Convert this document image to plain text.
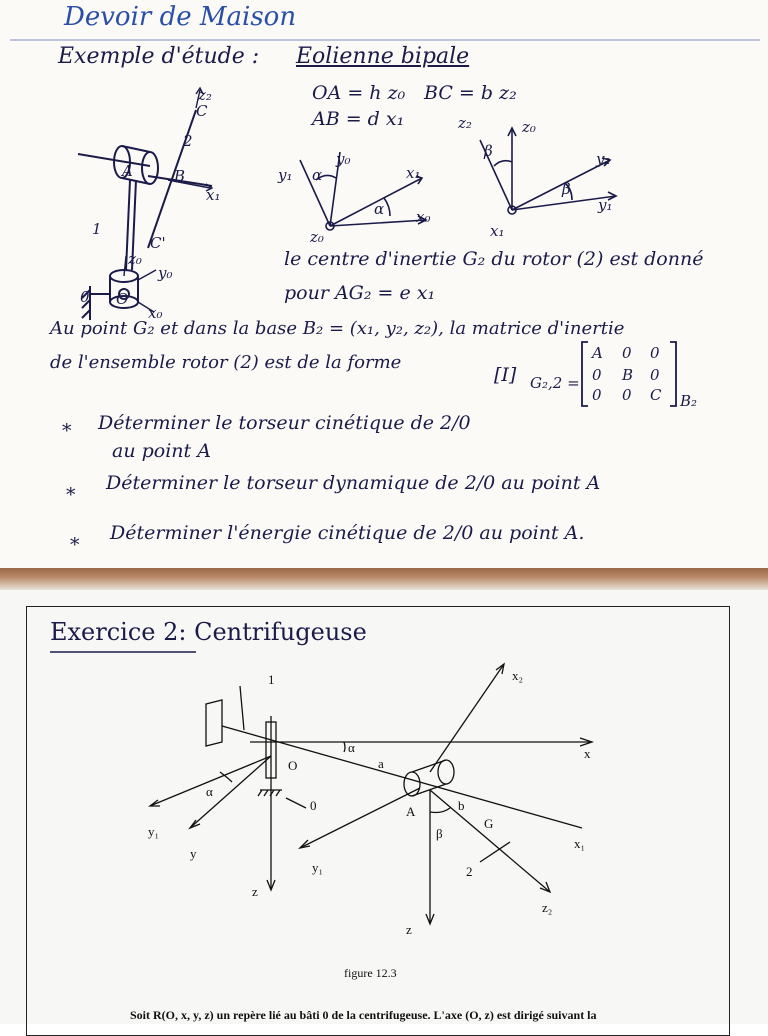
Devoir de Maison
Exemple d'étude : Eolienne bipale
OA = h z₀ BC = b z₂
AB = d x₁
z₂
C
2
A	B
x₁
1
C'
z₀
y₀
0 O
x₀
y₁ α
y₀
x₁
α x₀
z₀
z₂
β
z₀
y₂
β
y₁
x₁
le centre d'inertie G₂ du rotor (2) est donné
pour AG₂ = e x₁
Au point G₂ et dans la base B₂ = (x₁, y₂, z₂), la matrice d'inertie
de l'ensemble rotor (2) est de la forme
[I] G₂,2 =
A 0 0
0 B 0
0 0 C B₂
* Déterminer le torseur cinétique de 2/0
au point A
*
Déterminer le torseur dynamique de 2/0 au point A
*
Déterminer l'énergie cinétique de 2/0 au point A.
Exercice 2: Centrifugeuse
1	x₂
x
α
a
O
α
0
y₁
y
A	b
G
x₁
β
y₁	2
z
z₂
z
figure 12.3
Soit R(O, x, y, z) un repère lié au bâti 0 de la centrifugeuse. L'axe (O, z) est dirigé suivant la
